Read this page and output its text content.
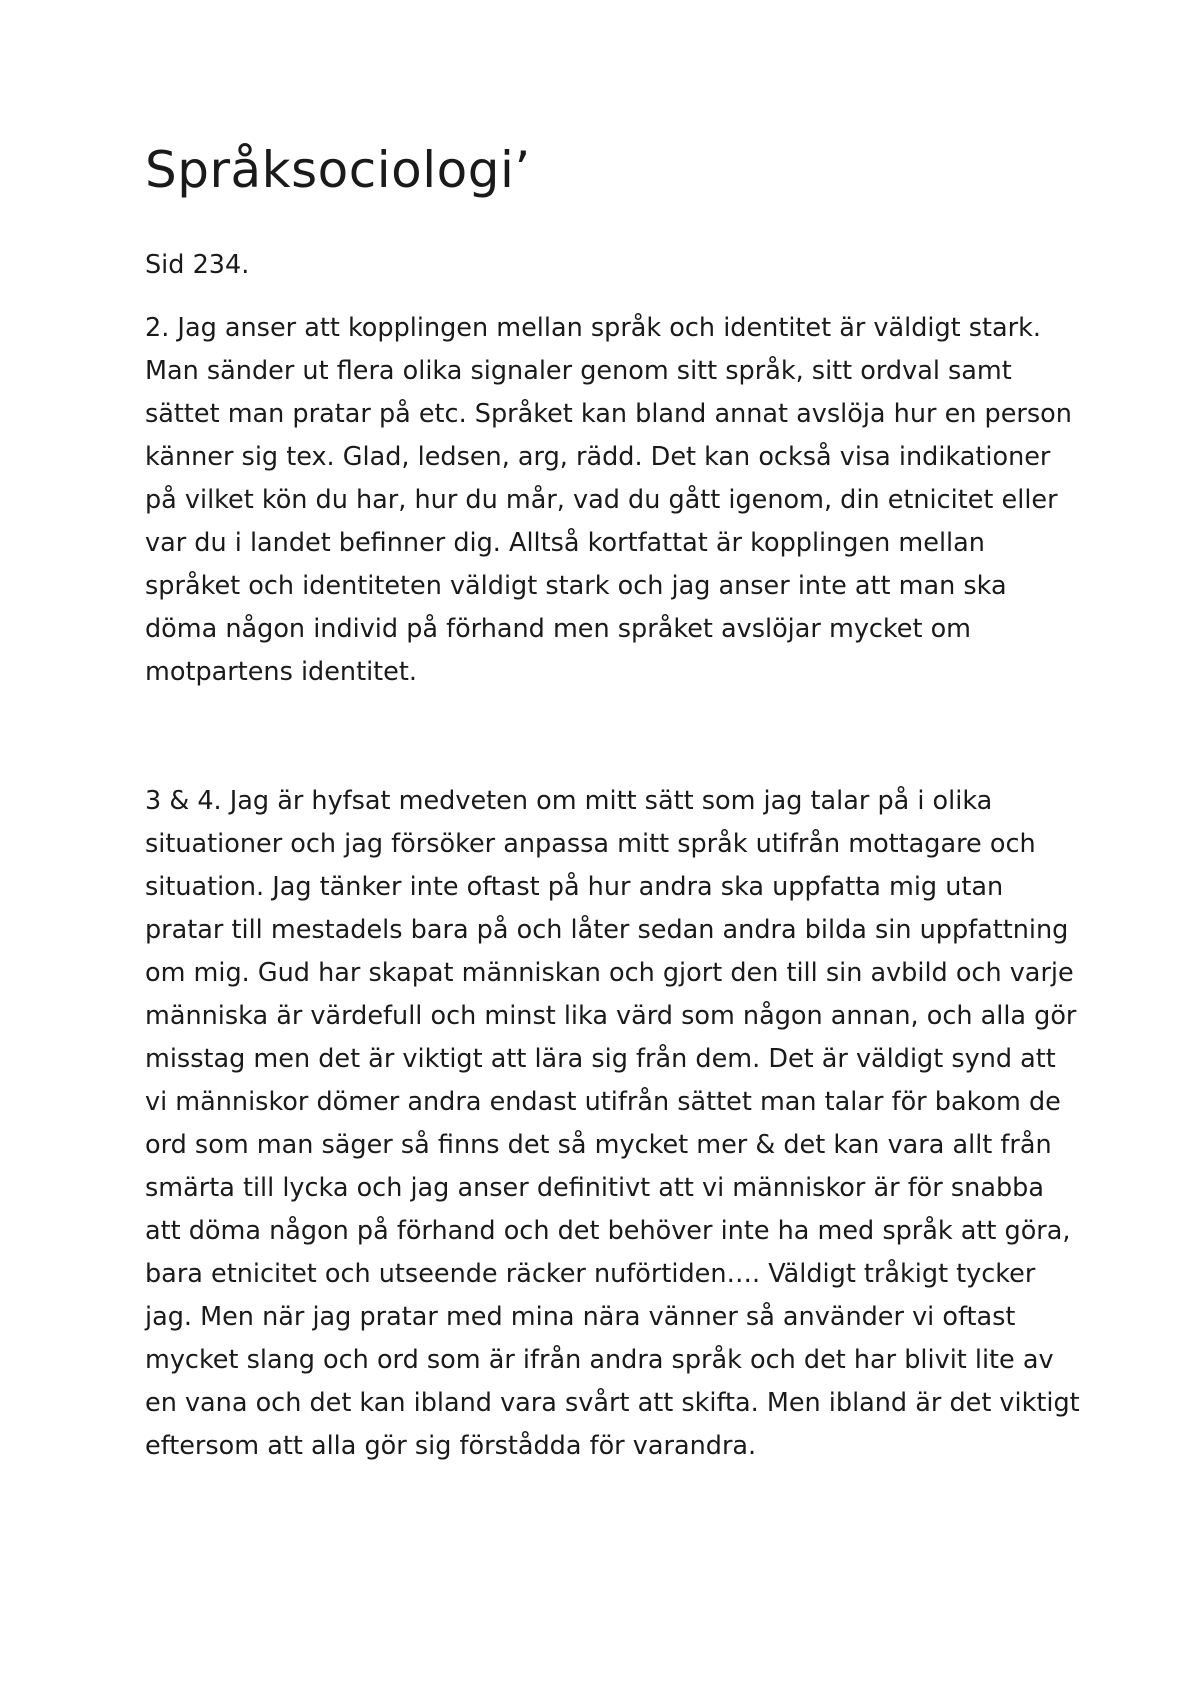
Språksociologi’

Sid 234.

2. Jag anser att kopplingen mellan språk och identitet är väldigt stark. Man sänder ut flera olika signaler genom sitt språk, sitt ordval samt sättet man pratar på etc. Språket kan bland annat avslöja hur en person känner sig tex. Glad, ledsen, arg, rädd. Det kan också visa indikationer på vilket kön du har, hur du mår, vad du gått igenom, din etnicitet eller var du i landet befinner dig. Alltså kortfattat är kopplingen mellan språket och identiteten väldigt stark och jag anser inte att man ska döma någon individ på förhand men språket avslöjar mycket om motpartens identitet.

3 & 4. Jag är hyfsat medveten om mitt sätt som jag talar på i olika situationer och jag försöker anpassa mitt språk utifrån mottagare och situation. Jag tänker inte oftast på hur andra ska uppfatta mig utan pratar till mestadels bara på och låter sedan andra bilda sin uppfattning om mig. Gud har skapat människan och gjort den till sin avbild och varje människa är värdefull och minst lika värd som någon annan, och alla gör misstag men det är viktigt att lära sig från dem. Det är väldigt synd att vi människor dömer andra endast utifrån sättet man talar för bakom de ord som man säger så finns det så mycket mer & det kan vara allt från smärta till lycka och jag anser definitivt att vi människor är för snabba att döma någon på förhand och det behöver inte ha med språk att göra, bara etnicitet och utseende räcker nuförtiden…. Väldigt tråkigt tycker jag. Men när jag pratar med mina nära vänner så använder vi oftast mycket slang och ord som är ifrån andra språk och det har blivit lite av en vana och det kan ibland vara svårt att skifta. Men ibland är det viktigt eftersom att alla gör sig förstådda för varandra.
